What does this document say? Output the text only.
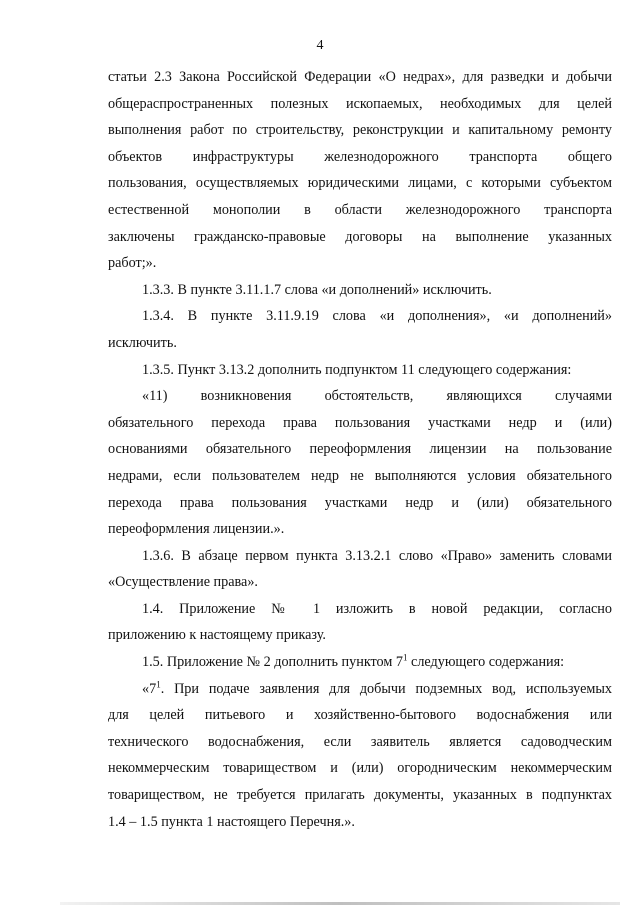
4
статьи 2.3 Закона Российской Федерации «О недрах», для разведки и добычи
общераспространенных полезных ископаемых, необходимых для целей
выполнения работ по строительству, реконструкции и капитальному ремонту
объектов инфраструктуры железнодорожного транспорта общего
пользования, осуществляемых юридическими лицами, с которыми субъектом
естественной монополии в области железнодорожного транспорта
заключены гражданско-правовые договоры на выполнение указанных
работ;».
1.3.3. В пункте 3.11.1.7 слова «и дополнений» исключить.
1.3.4. В пункте 3.11.9.19 слова «и дополнения», «и дополнений»
исключить.
1.3.5. Пункт 3.13.2 дополнить подпунктом 11 следующего содержания:
«11) возникновения обстоятельств, являющихся случаями
обязательного перехода права пользования участками недр и (или)
основаниями обязательного переоформления лицензии на пользование
недрами, если пользователем недр не выполняются условия обязательного
перехода права пользования участками недр и (или) обязательного
переоформления лицензии.».
1.3.6. В абзаце первом пункта 3.13.2.1 слово «Право» заменить словами
«Осуществление права».
1.4. Приложение № 1 изложить в новой редакции, согласно
приложению к настоящему приказу.
1.5. Приложение № 2 дополнить пунктом $7^1$ следующего содержания:
«$7^1$. При подаче заявления для добычи подземных вод, используемых
для целей питьевого и хозяйственно-бытового водоснабжения или
технического водоснабжения, если заявитель является садоводческим
некоммерческим товариществом и (или) огородническим некоммерческим
товариществом, не требуется прилагать документы, указанных в подпунктах
1.4 – 1.5 пункта 1 настоящего Перечня.».
